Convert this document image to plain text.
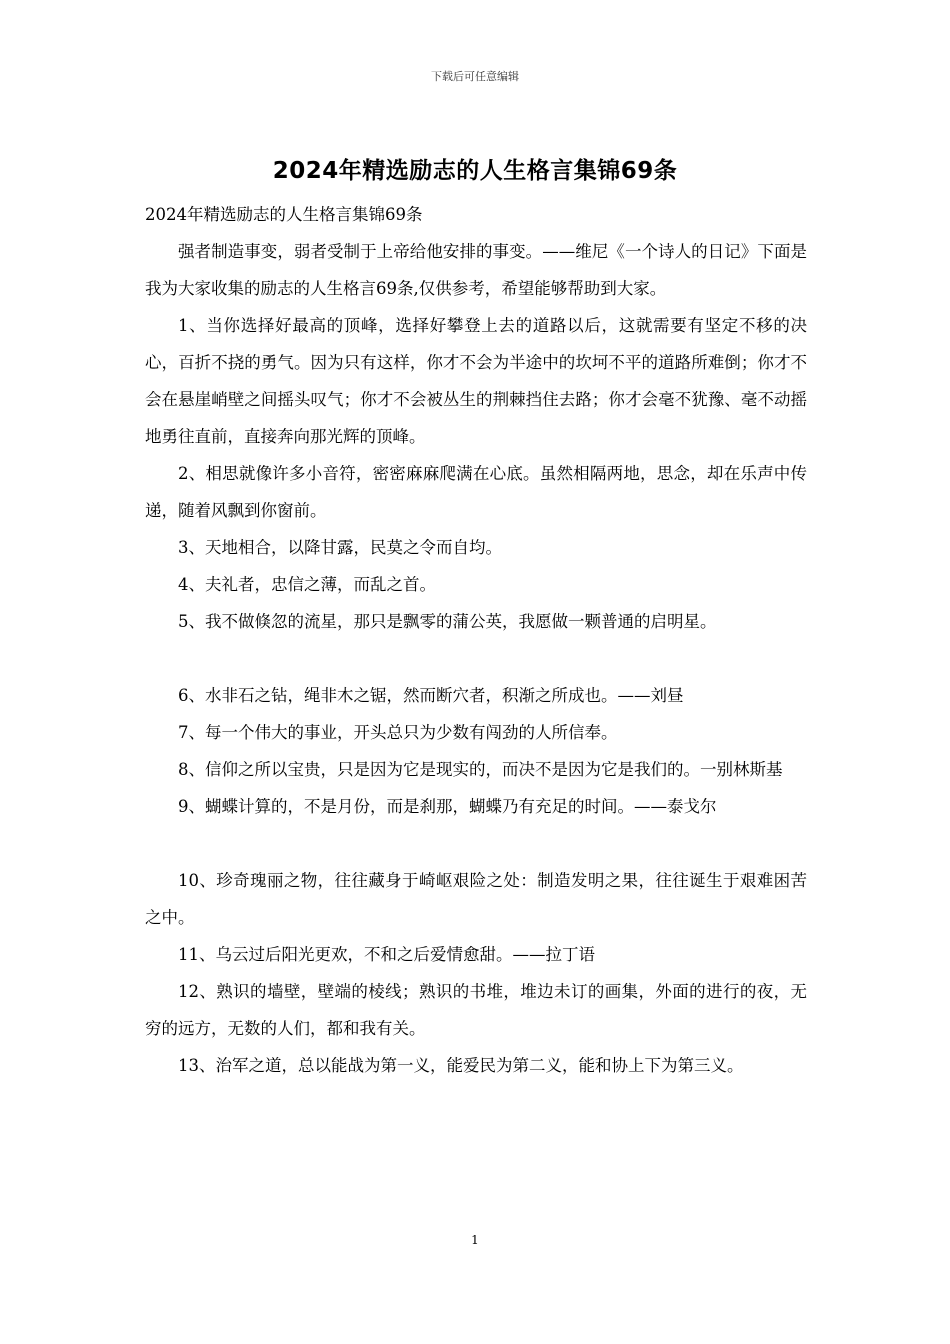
下载后可任意编辑
2024年精选励志的人生格言集锦69条

2024年精选励志的人生格言集锦69条

强者制造事变，弱者受制于上帝给他安排的事变。——维尼《一个诗人的日记》下面是我为大家收集的励志的人生格言69条,仅供参考，希望能够帮助到大家。

1、当你选择好最高的顶峰，选择好攀登上去的道路以后，这就需要有坚定不移的决心，百折不挠的勇气。因为只有这样，你才不会为半途中的坎坷不平的道路所难倒；你才不会在悬崖峭壁之间摇头叹气；你才不会被丛生的荆棘挡住去路；你才会毫不犹豫、毫不动摇地勇往直前，直接奔向那光辉的顶峰。

2、相思就像许多小音符，密密麻麻爬满在心底。虽然相隔两地，思念，却在乐声中传递，随着风飘到你窗前。

3、天地相合，以降甘露，民莫之令而自均。

4、夫礼者，忠信之薄，而乱之首。

5、我不做倏忽的流星，那只是飘零的蒲公英，我愿做一颗普通的启明星。

6、水非石之钻，绳非木之锯，然而断穴者，积渐之所成也。——刘昼

7、每一个伟大的事业，开头总只为少数有闯劲的人所信奉。

8、信仰之所以宝贵，只是因为它是现实的，而决不是因为它是我们的。一别林斯基

9、蝴蝶计算的，不是月份，而是刹那，蝴蝶乃有充足的时间。——泰戈尔

10、珍奇瑰丽之物，往往藏身于崎岖艰险之处：制造发明之果，往往诞生于艰难困苦之中。

11、乌云过后阳光更欢，不和之后爱情愈甜。——拉丁语

12、熟识的墙壁，壁端的棱线；熟识的书堆，堆边未订的画集，外面的进行的夜，无穷的远方，无数的人们，都和我有关。

13、治军之道，总以能战为第一义，能爱民为第二义，能和协上下为第三义。

1
